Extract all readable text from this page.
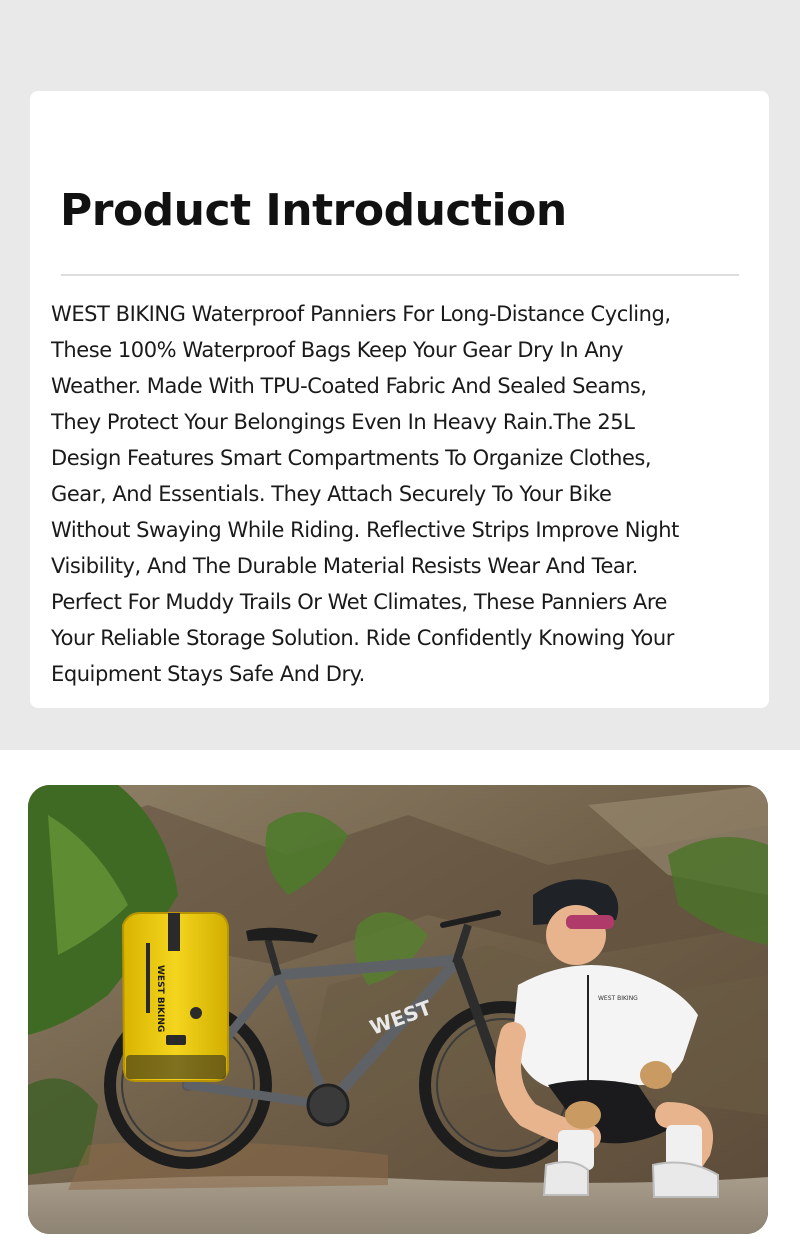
Product Introduction
WEST BIKING Waterproof Panniers For Long-Distance Cycling,
These 100% Waterproof Bags Keep Your Gear Dry In Any
Weather. Made With TPU-Coated Fabric And Sealed Seams,
They Protect Your Belongings Even In Heavy Rain.The 25L
Design Features Smart Compartments To Organize Clothes,
Gear, And Essentials. They Attach Securely To Your Bike
Without Swaying While Riding. Reflective Strips Improve Night
Visibility, And The Durable Material Resists Wear And Tear.
Perfect For Muddy Trails Or Wet Climates, These Panniers Are
Your Reliable Storage Solution. Ride Confidently Knowing Your
Equipment Stays Safe And Dry.
WEST
WEST BIKING	WEST BIKING
